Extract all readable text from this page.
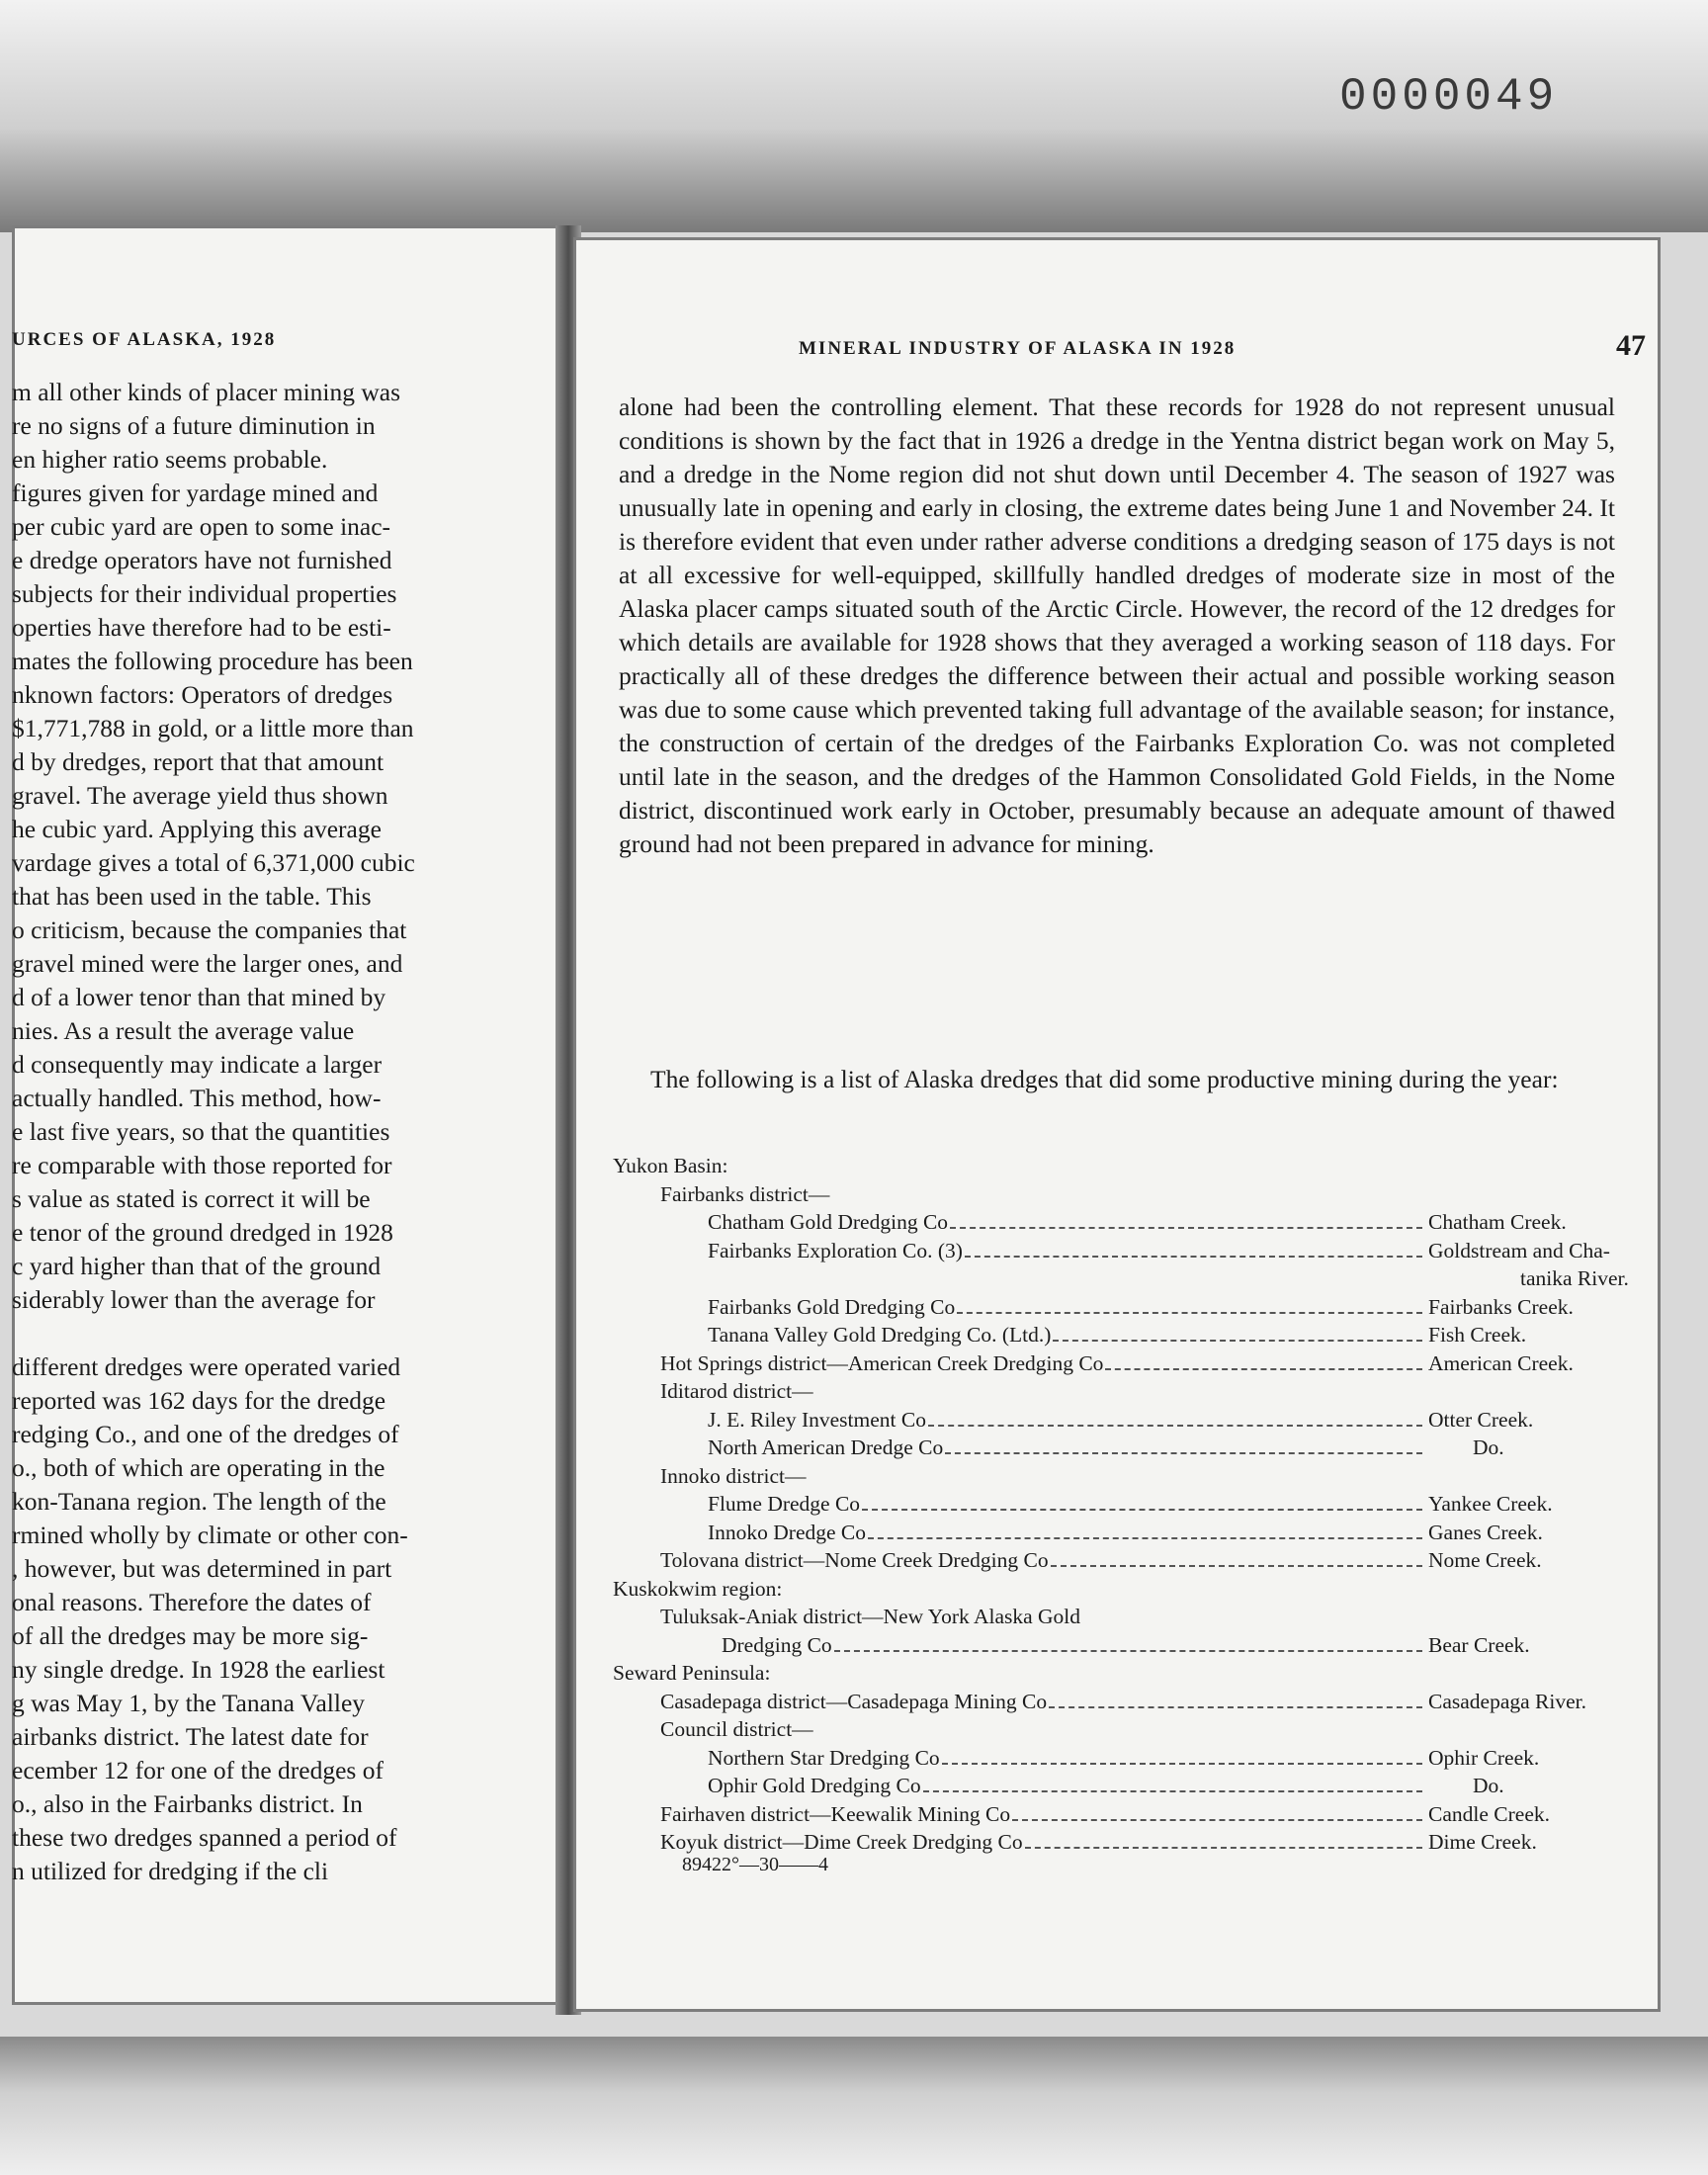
0000049
URCES OF ALASKA, 1928
m all other kinds of placer mining was
re no signs of a future diminution in
en higher ratio seems probable.
figures given for yardage mined and
per cubic yard are open to some inac-
e dredge operators have not furnished
subjects for their individual properties
operties have therefore had to be esti-
mates the following procedure has been
nknown factors: Operators of dredges
$1,771,788 in gold, or a little more than
d by dredges, report that that amount
gravel. The average yield thus shown
he cubic yard. Applying this average
vardage gives a total of 6,371,000 cubic
that has been used in the table. This
o criticism, because the companies that
gravel mined were the larger ones, and
d of a lower tenor than that mined by
nies. As a result the average value
d consequently may indicate a larger
actually handled. This method, how-
e last five years, so that the quantities
re comparable with those reported for
s value as stated is correct it will be
e tenor of the ground dredged in 1928
c yard higher than that of the ground
siderably lower than the average for
different dredges were operated varied
reported was 162 days for the dredge
redging Co., and one of the dredges of
o., both of which are operating in the
kon-Tanana region. The length of the
rmined wholly by climate or other con-
, however, but was determined in part
onal reasons. Therefore the dates of
of all the dredges may be more sig-
ny single dredge. In 1928 the earliest
g was May 1, by the Tanana Valley
airbanks district. The latest date for
ecember 12 for one of the dredges of
o., also in the Fairbanks district. In
these two dredges spanned a period of
n utilized for dredging if the cli
MINERAL INDUSTRY OF ALASKA IN 1928	47

alone had been the controlling element. That these records for 1928 do not represent unusual conditions is shown by the fact that in 1926 a dredge in the Yentna district began work on May 5, and a dredge in the Nome region did not shut down until December 4. The season of 1927 was unusually late in opening and early in closing, the extreme dates being June 1 and November 24. It is therefore evident that even under rather adverse conditions a dredging season of 175 days is not at all excessive for well-equipped, skillfully handled dredges of moderate size in most of the Alaska placer camps situated south of the Arctic Circle. However, the record of the 12 dredges for which details are available for 1928 shows that they averaged a working season of 118 days. For practically all of these dredges the difference between their actual and possible working season was due to some cause which prevented taking full advantage of the available season; for instance, the construction of certain of the dredges of the Fairbanks Exploration Co. was not completed until late in the season, and the dredges of the Hammon Consolidated Gold Fields, in the Nome district, discontinued work early in October, presumably because an adequate amount of thawed ground had not been prepared in advance for mining.

The following is a list of Alaska dredges that did some productive mining during the year:

Yukon Basin:
Fairbanks district—
Chatham Gold Dredging Co	Chatham Creek.
Fairbanks Exploration Co. (3)	Goldstream and Cha-
tanika River.
Fairbanks Gold Dredging Co	Fairbanks Creek.
Tanana Valley Gold Dredging Co. (Ltd.)	Fish Creek.
Hot Springs district—American Creek Dredging Co	American Creek.
Iditarod district—
J. E. Riley Investment Co	Otter Creek.
North American Dredge Co	Do.
Innoko district—
Flume Dredge Co	Yankee Creek.
Innoko Dredge Co	Ganes Creek.
Tolovana district—Nome Creek Dredging Co	Nome Creek.
Kuskokwim region:
Tuluksak-Aniak district—New York Alaska Gold
Dredging Co	Bear Creek.
Seward Peninsula:
Casadepaga district—Casadepaga Mining Co	Casadepaga River.
Council district—
Northern Star Dredging Co	Ophir Creek.
Ophir Gold Dredging Co	Do.
Fairhaven district—Keewalik Mining Co	Candle Creek.
Koyuk district—Dime Creek Dredging Co	Dime Creek.
89422°—30——4
